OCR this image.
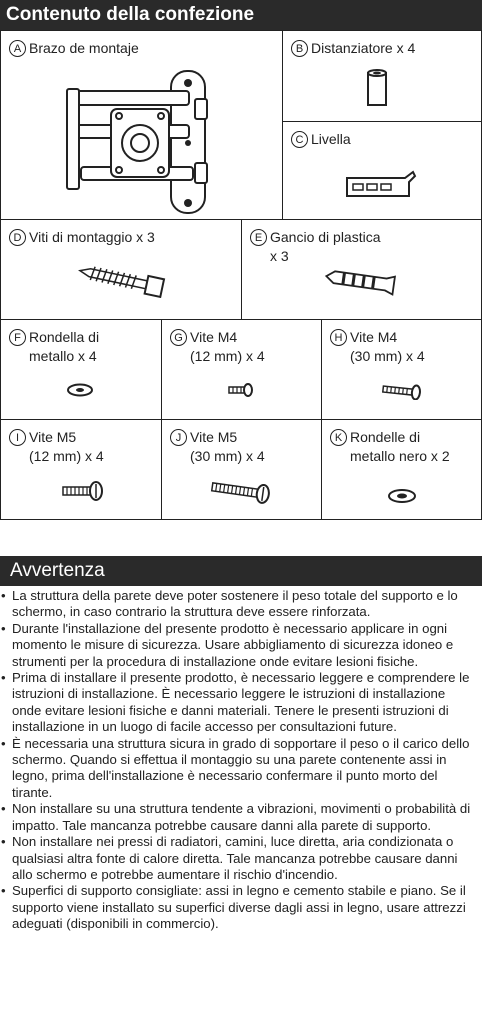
Contenuto della confezione
A Brazo de montaje	B Distanziatore x 4
C Livella
D Viti di montaggio x 3	E Gancio di plastica
x 3
F Rondella di
metallo x 4
G Vite M4
(12 mm) x 4
H Vite M4
(30 mm) x 4
I Vite M5
(12 mm) x 4
J Vite M5
(30 mm) x 4
K Rondelle di
metallo nero x 2
Avvertenza
• La struttura della parete deve poter sostenere il peso totale del supporto e lo schermo, in caso contrario la struttura deve essere rinforzata.
• Durante l'installazione del presente prodotto è necessario applicare in ogni momento le misure di sicurezza. Usare abbigliamento di sicurezza idoneo e strumenti per la procedura di installazione onde evitare lesioni fisiche.
• Prima di installare il presente prodotto, è necessario leggere e comprendere le istruzioni di installazione. È necessario leggere le istruzioni di installazione onde evitare lesioni fisiche e danni materiali. Tenere le presenti istruzioni di installazione in un luogo di facile accesso per consultazioni future.
• È necessaria una struttura sicura in grado di sopportare il peso o il carico dello schermo. Quando si effettua il montaggio su una parete contenente assi in legno, prima dell'installazione è necessario confermare il punto morto del tirante.
• Non installare su una struttura tendente a vibrazioni, movimenti o probabilità di impatto. Tale mancanza potrebbe causare danni alla parete di supporto.
• Non installare nei pressi di radiatori, camini, luce diretta, aria condizionata o qualsiasi altra fonte di calore diretta. Tale mancanza potrebbe causare danni allo schermo e potrebbe aumentare il rischio d'incendio.
• Superfici di supporto consigliate: assi in legno e cemento stabile e piano. Se il supporto viene installato su superfici diverse dagli assi in legno, usare attrezzi adeguati (disponibili in commercio).
